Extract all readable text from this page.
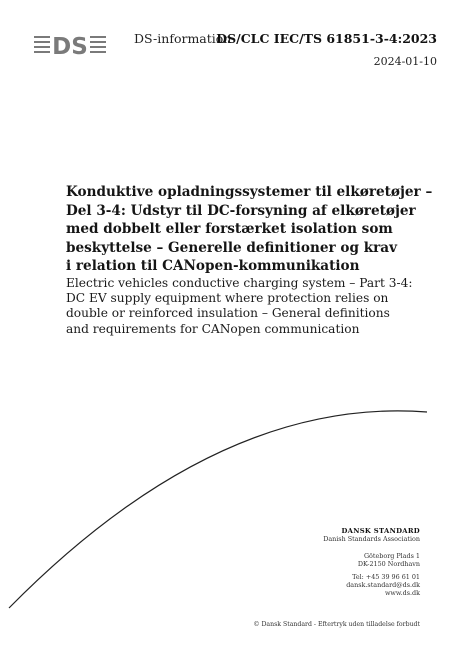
DS	DS-information
DS/CLC IEC/TS 61851-3-4:2023
2024-01-10
Konduktive opladningssystemer til elkøretøjer –
Del 3-4: Udstyr til DC-forsyning af elkøretøjer
med dobbelt eller forstærket isolation som
beskyttelse – Generelle definitioner og krav
i relation til CANopen-kommunikation
Electric vehicles conductive charging system – Part 3-4:
DC EV supply equipment where protection relies on
double or reinforced insulation – General definitions
and requirements for CANopen communication
DANSK STANDARD
Danish Standards Association
Göteborg Plads 1
DK-2150 Nordhavn
Tel: +45 39 96 61 01
dansk.standard@ds.dk
www.ds.dk
© Dansk Standard - Eftertryk uden tilladelse forbudt
